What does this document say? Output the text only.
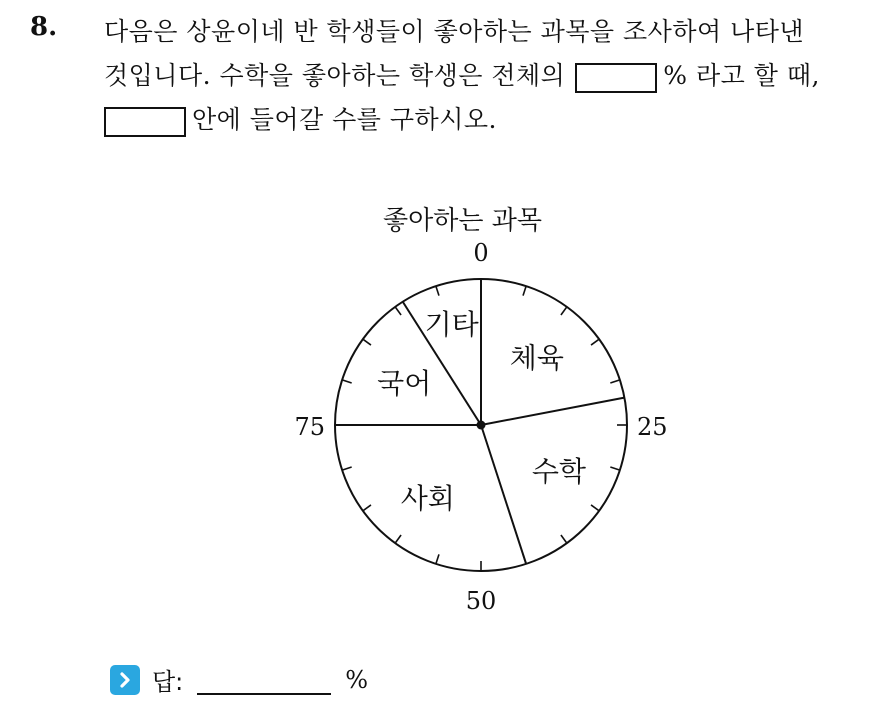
8. 다음은 상윤이네 반 학생들이 좋아하는 과목을 조사하여 나타낸
것입니다. 수학을 좋아하는 학생은 전체의	% 라고 할 때,
안에 들어갈 수를 구하시오.
좋아하는 과목
체육
수학
사회
국어
기타
0
25
50
75
답:	%
